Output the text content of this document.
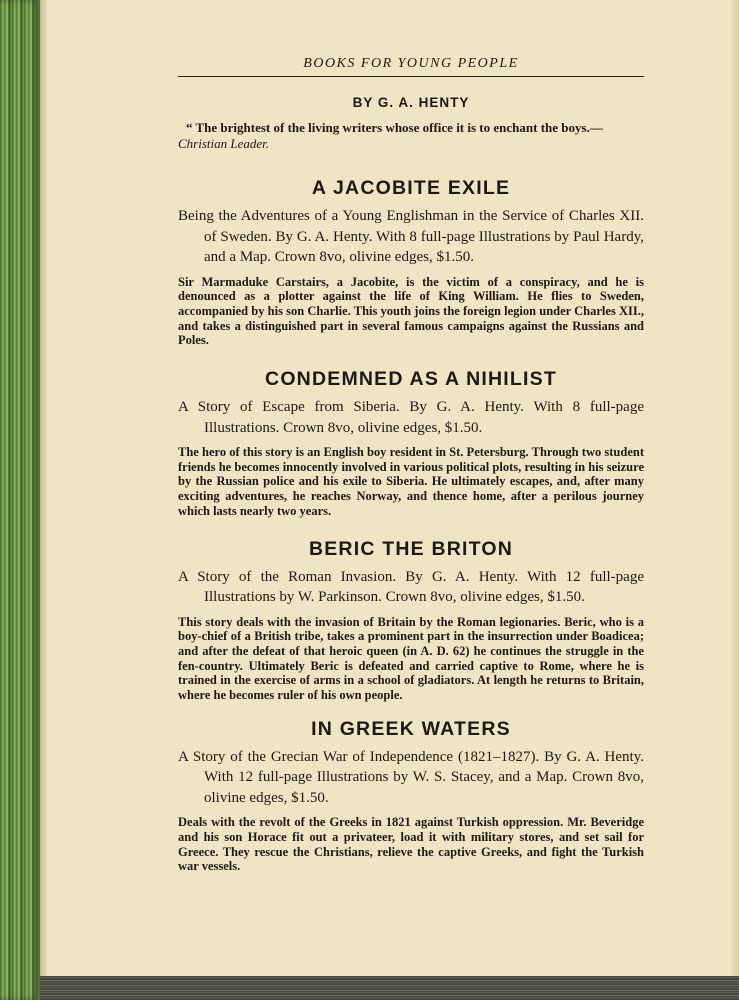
BOOKS FOR YOUNG PEOPLE
BY G. A. HENTY

“ The brightest of the living writers whose office it is to enchant the boys.—Christian Leader.

A JACOBITE EXILE

Being the Adventures of a Young Englishman in the Service of Charles XII. of Sweden. By G. A. Henty. With 8 full-page Illustrations by Paul Hardy, and a Map. Crown 8vo, olivine edges, $1.50.

Sir Marmaduke Carstairs, a Jacobite, is the victim of a conspiracy, and he is denounced as a plotter against the life of King William. He flies to Sweden, accompanied by his son Charlie. This youth joins the foreign legion under Charles XII., and takes a distinguished part in several famous campaigns against the Russians and Poles.

CONDEMNED AS A NIHILIST

A Story of Escape from Siberia. By G. A. Henty. With 8 full-page Illustrations. Crown 8vo, olivine edges, $1.50.

The hero of this story is an English boy resident in St. Petersburg. Through two student friends he becomes innocently involved in various political plots, resulting in his seizure by the Russian police and his exile to Siberia. He ultimately escapes, and, after many exciting adventures, he reaches Norway, and thence home, after a perilous journey which lasts nearly two years.

BERIC THE BRITON

A Story of the Roman Invasion. By G. A. Henty. With 12 full-page Illustrations by W. Parkinson. Crown 8vo, olivine edges, $1.50.

This story deals with the invasion of Britain by the Roman legionaries. Beric, who is a boy-chief of a British tribe, takes a prominent part in the insurrection under Boadicea; and after the defeat of that heroic queen (in A. D. 62) he continues the struggle in the fen-country. Ultimately Beric is defeated and carried captive to Rome, where he is trained in the exercise of arms in a school of gladiators. At length he returns to Britain, where he becomes ruler of his own people.

IN GREEK WATERS

A Story of the Grecian War of Independence (1821–1827). By G. A. Henty. With 12 full-page Illustrations by W. S. Stacey, and a Map. Crown 8vo, olivine edges, $1.50.

Deals with the revolt of the Greeks in 1821 against Turkish oppression. Mr. Beveridge and his son Horace fit out a privateer, load it with military stores, and set sail for Greece. They rescue the Christians, relieve the captive Greeks, and fight the Turkish war vessels.
